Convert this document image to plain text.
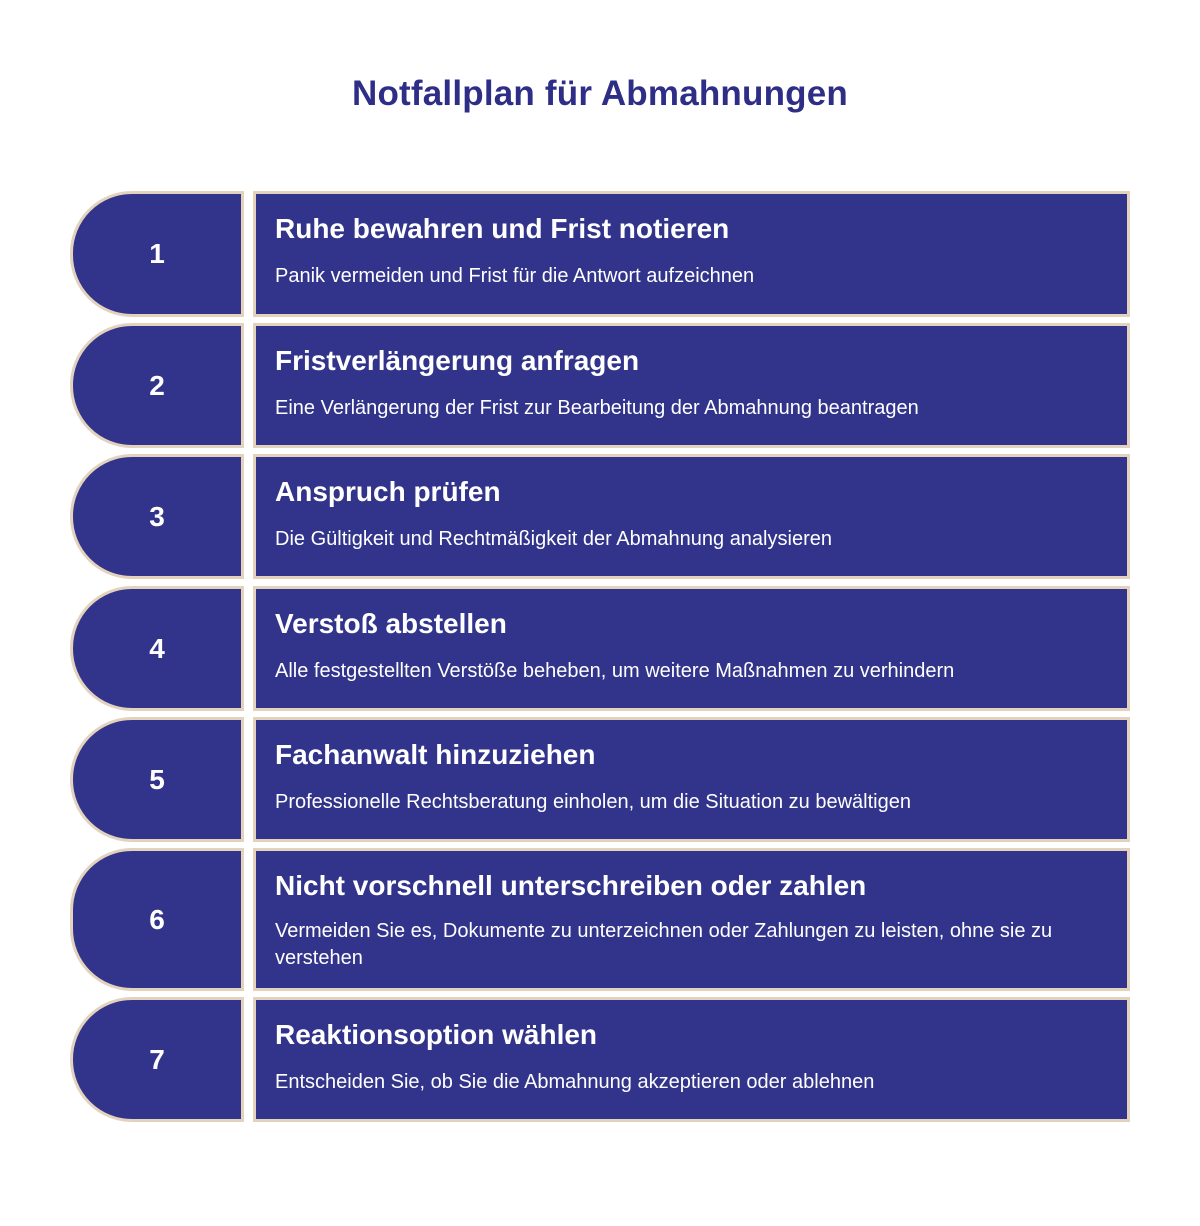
Notfallplan für Abmahnungen
1
Ruhe bewahren und Frist notieren
Panik vermeiden und Frist für die Antwort aufzeichnen
2
Fristverlängerung anfragen
Eine Verlängerung der Frist zur Bearbeitung der Abmahnung beantragen
3
Anspruch prüfen
Die Gültigkeit und Rechtmäßigkeit der Abmahnung analysieren
4
Verstoß abstellen
Alle festgestellten Verstöße beheben, um weitere Maßnahmen zu verhindern
5
Fachanwalt hinzuziehen
Professionelle Rechtsberatung einholen, um die Situation zu bewältigen
6
Nicht vorschnell unterschreiben oder zahlen
Vermeiden Sie es, Dokumente zu unterzeichnen oder Zahlungen zu leisten, ohne sie zu verstehen
7
Reaktionsoption wählen
Entscheiden Sie, ob Sie die Abmahnung akzeptieren oder ablehnen
